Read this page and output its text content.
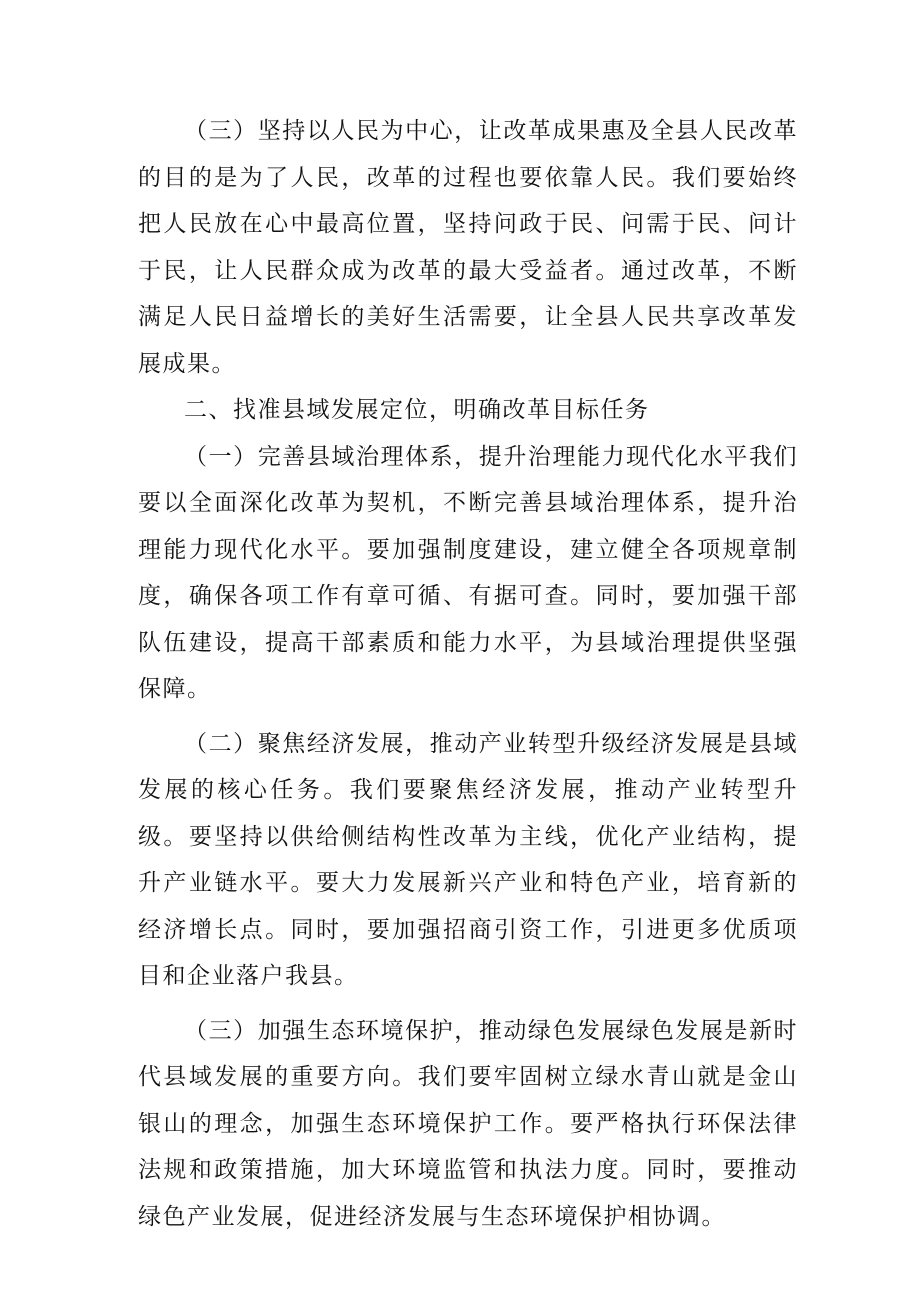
（三）坚持以人民为中心，让改革成果惠及全县人民改革的目的是为了人民，改革的过程也要依靠人民。我们要始终把人民放在心中最高位置，坚持问政于民、问需于民、问计于民，让人民群众成为改革的最大受益者。通过改革，不断满足人民日益增长的美好生活需要，让全县人民共享改革发展成果。

二、找准县域发展定位，明确改革目标任务

（一）完善县域治理体系，提升治理能力现代化水平我们要以全面深化改革为契机，不断完善县域治理体系，提升治理能力现代化水平。要加强制度建设，建立健全各项规章制度，确保各项工作有章可循、有据可查。同时，要加强干部队伍建设，提高干部素质和能力水平，为县域治理提供坚强保障。

（二）聚焦经济发展，推动产业转型升级经济发展是县域发展的核心任务。我们要聚焦经济发展，推动产业转型升级。要坚持以供给侧结构性改革为主线，优化产业结构，提升产业链水平。要大力发展新兴产业和特色产业，培育新的经济增长点。同时，要加强招商引资工作，引进更多优质项目和企业落户我县。

（三）加强生态环境保护，推动绿色发展绿色发展是新时代县域发展的重要方向。我们要牢固树立绿水青山就是金山银山的理念，加强生态环境保护工作。要严格执行环保法律法规和政策措施，加大环境监管和执法力度。同时，要推动绿色产业发展，促进经济发展与生态环境保护相协调。
